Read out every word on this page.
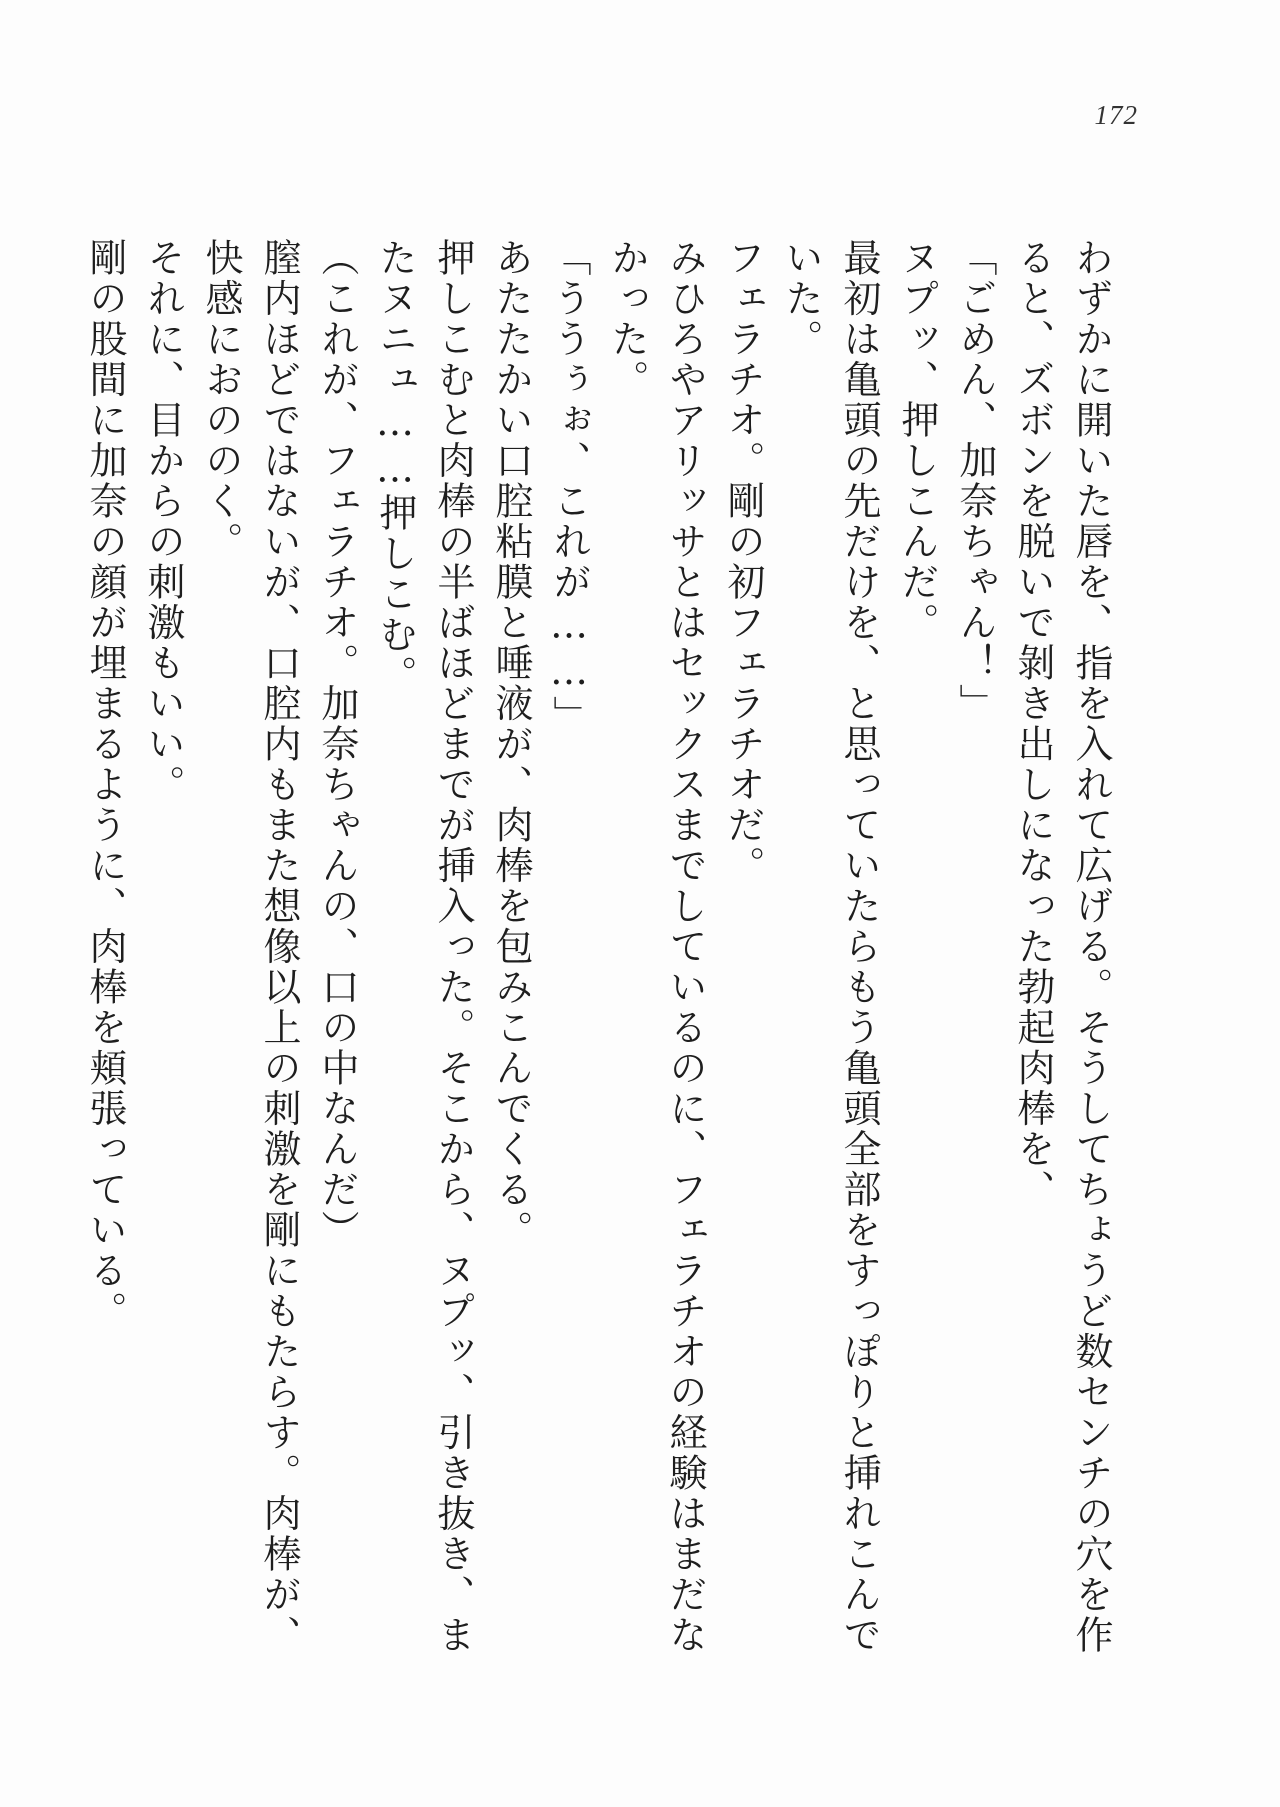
172

わずかに開いた唇を、指を入れて広げる。そうしてちょうど数センチの穴を作ると、ズボンを脱いで剝き出しになった勃起肉棒を、

「ごめん、加奈ちゃん！」

ヌプッ、押しこんだ。

最初は亀頭の先だけを、と思っていたらもう亀頭全部をすっぽりと挿れこんでいた。

フェラチオ。剛の初フェラチオだ。

みひろやアリッサとはセックスまでしているのに、フェラチオの経験はまだなかった。

「ううぅぉ、これが……」

あたたかい口腔粘膜と唾液が、肉棒を包みこんでくる。

押しこむと肉棒の半ばほどまでが挿入った。そこから、ヌプッ、引き抜き、またヌニュ……押しこむ。

（これが、フェラチオ。加奈ちゃんの、口の中なんだ）

膣内ほどではないが、口腔内もまた想像以上の刺激を剛にもたらす。肉棒が、快感におののく。

それに、目からの刺激もいい。

剛の股間に加奈の顔が埋まるように、肉棒を頬張っている。
